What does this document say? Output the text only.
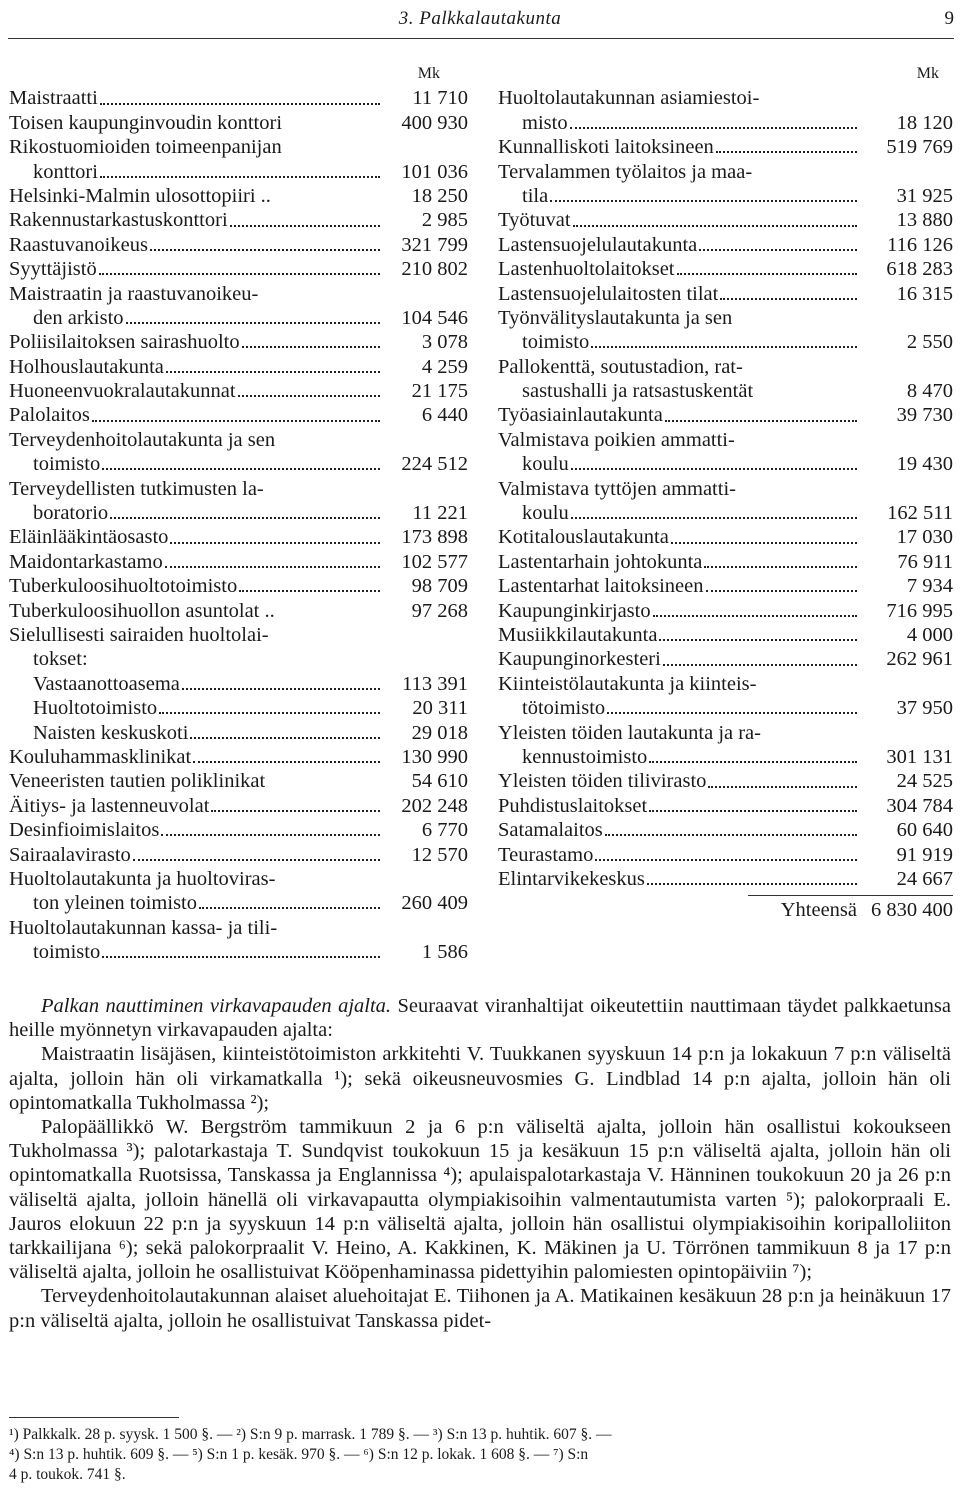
3. Palkkalautakunta	9
Mk
Maistraatti	11 710
Toisen kaupunginvoudin konttori	400 930
Rikostuomioiden toimeenpanijan
konttori	101 036
Helsinki-Malmin ulosottopiiri ..	18 250
Rakennustarkastuskonttori	2 985
Raastuvanoikeus	321 799
Syyttäjistö	210 802
Maistraatin ja raastuvanoikeu-
den arkisto	104 546
Poliisilaitoksen sairashuolto	3 078
Holhouslautakunta	4 259
Huoneenvuokralautakunnat	21 175
Palolaitos	6 440
Terveydenhoitolautakunta ja sen
toimisto	224 512
Terveydellisten tutkimusten la-
boratorio	11 221
Eläinlääkintäosasto	173 898
Maidontarkastamo	102 577
Tuberkuloosihuoltotoimisto	98 709
Tuberkuloosihuollon asuntolat ..	97 268
Sielullisesti sairaiden huoltolai-
tokset:
Vastaanottoasema	113 391
Huoltotoimisto	20 311
Naisten keskuskoti	29 018
Kouluhammasklinikat	130 990
Veneeristen tautien poliklinikat	54 610
Äitiys- ja lastenneuvolat	202 248
Desinfioimislaitos	6 770
Sairaalavirasto	12 570
Huoltolautakunta ja huoltoviras-
ton yleinen toimisto	260 409
Huoltolautakunnan kassa- ja tili-
toimisto	1 586
Mk
Huoltolautakunnan asiamiestoi-
misto	18 120
Kunnalliskoti laitoksineen	519 769
Tervalammen työlaitos ja maa-
tila	31 925
Työtuvat	13 880
Lastensuojelulautakunta	116 126
Lastenhuoltolaitokset	618 283
Lastensuojelulaitosten tilat	16 315
Työnvälityslautakunta ja sen
toimisto	2 550
Pallokenttä, soutustadion, rat-
sastushalli ja ratsastuskentät	8 470
Työasiainlautakunta	39 730
Valmistava poikien ammatti-
koulu	19 430
Valmistava tyttöjen ammatti-
koulu	162 511
Kotitalouslautakunta	17 030
Lastentarhain johtokunta	76 911
Lastentarhat laitoksineen	7 934
Kaupunginkirjasto	716 995
Musiikkilautakunta	4 000
Kaupunginorkesteri	262 961
Kiinteistölautakunta ja kiinteis-
tötoimisto	37 950
Yleisten töiden lautakunta ja ra-
kennustoimisto	301 131
Yleisten töiden tilivirasto	24 525
Puhdistuslaitokset	304 784
Satamalaitos	60 640
Teurastamo	91 919
Elintarvikekeskus	24 667
Yhteensä 6 830 400

Palkan nauttiminen virkavapauden ajalta. Seuraavat viranhaltijat oikeutettiin nauttimaan täydet palkkaetunsa heille myönnetyn virkavapauden ajalta:

Maistraatin lisäjäsen, kiinteistötoimiston arkkitehti V. Tuukkanen syyskuun 14 p:n ja lokakuun 7 p:n väliseltä ajalta, jolloin hän oli virkamatkalla ¹); sekä oikeusneuvosmies G. Lindblad 14 p:n ajalta, jolloin hän oli opintomatkalla Tukholmassa ²);

Palopäällikkö W. Bergström tammikuun 2 ja 6 p:n väliseltä ajalta, jolloin hän osallistui kokoukseen Tukholmassa ³); palotarkastaja T. Sundqvist toukokuun 15 ja kesäkuun 15 p:n väliseltä ajalta, jolloin hän oli opintomatkalla Ruotsissa, Tanskassa ja Englannissa ⁴); apulaispalotarkastaja V. Hänninen toukokuun 20 ja 26 p:n väliseltä ajalta, jolloin hänellä oli virkavapautta olympiakisoihin valmentautumista varten ⁵); palokorpraali E. Jauros elokuun 22 p:n ja syyskuun 14 p:n väliseltä ajalta, jolloin hän osallistui olympiakisoihin koripalloliiton tarkkailijana ⁶); sekä palokorpraalit V. Heino, A. Kakkinen, K. Mäkinen ja U. Törrönen tammikuun 8 ja 17 p:n väliseltä ajalta, jolloin he osallistuivat Kööpenhaminassa pidettyihin palomiesten opintopäiviin ⁷);

Terveydenhoitolautakunnan alaiset aluehoitajat E. Tiihonen ja A. Matikainen kesäkuun 28 p:n ja heinäkuun 17 p:n väliseltä ajalta, jolloin he osallistuivat Tanskassa pidet-

¹) Palkkalk. 28 p. syysk. 1 500 §. — ²) S:n 9 p. marrask. 1 789 §. — ³) S:n 13 p. huhtik. 607 §. —

⁴) S:n 13 p. huhtik. 609 §. — ⁵) S:n 1 p. kesäk. 970 §. — ⁶) S:n 12 p. lokak. 1 608 §. — ⁷) S:n

4 p. toukok. 741 §.
